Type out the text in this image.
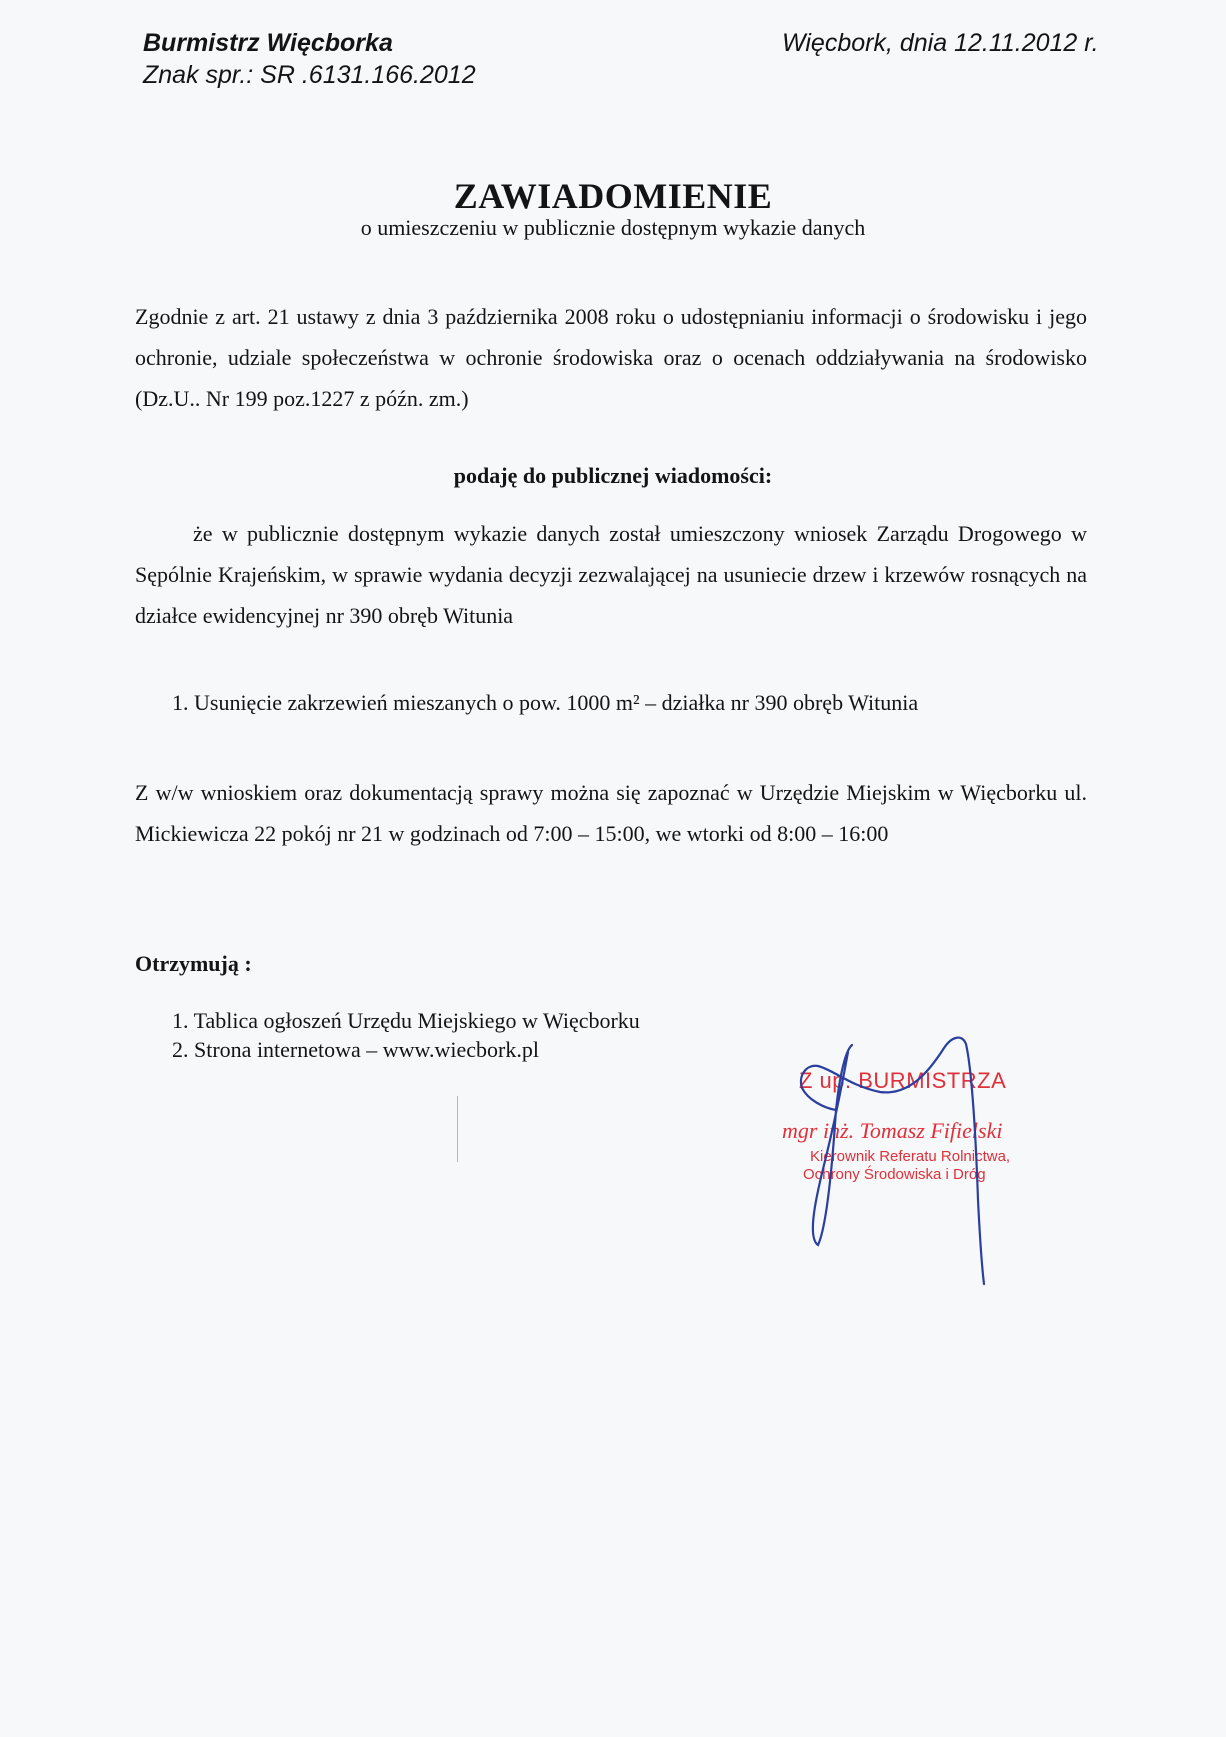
Burmistrz Więcborka
Znak spr.: SR .6131.166.2012
Więcbork, dnia 12.11.2012 r.
ZAWIADOMIENIE
o umieszczeniu w publicznie dostępnym wykazie danych
Zgodnie z art. 21 ustawy z dnia 3 października 2008 roku o udostępnianiu informacji o środowisku i jego ochronie, udziale społeczeństwa w ochronie środowiska oraz o ocenach oddziaływania na środowisko (Dz.U.. Nr 199 poz.1227 z późn. zm.)
podaję do publicznej wiadomości:
że w publicznie dostępnym wykazie danych został umieszczony wniosek Zarządu Drogowego w Sępólnie Krajeńskim, w sprawie wydania decyzji zezwalającej na usuniecie drzew i krzewów rosnących na działce ewidencyjnej nr 390 obręb Witunia
1. Usunięcie zakrzewień mieszanych o pow. 1000 m² – działka nr 390 obręb Witunia
Z w/w wnioskiem oraz dokumentacją sprawy można się zapoznać w Urzędzie Miejskim w Więcborku ul. Mickiewicza 22 pokój nr 21 w godzinach od 7:00 – 15:00, we wtorki od 8:00 – 16:00
Otrzymują :
1. Tablica ogłoszeń Urzędu Miejskiego w Więcborku
2. Strona internetowa – www.wiecbork.pl
Z up. BURMISTRZA
mgr inż. Tomasz Fifielski
Kierownik Referatu Rolnictwa,
Ochrony Środowiska i Dróg
